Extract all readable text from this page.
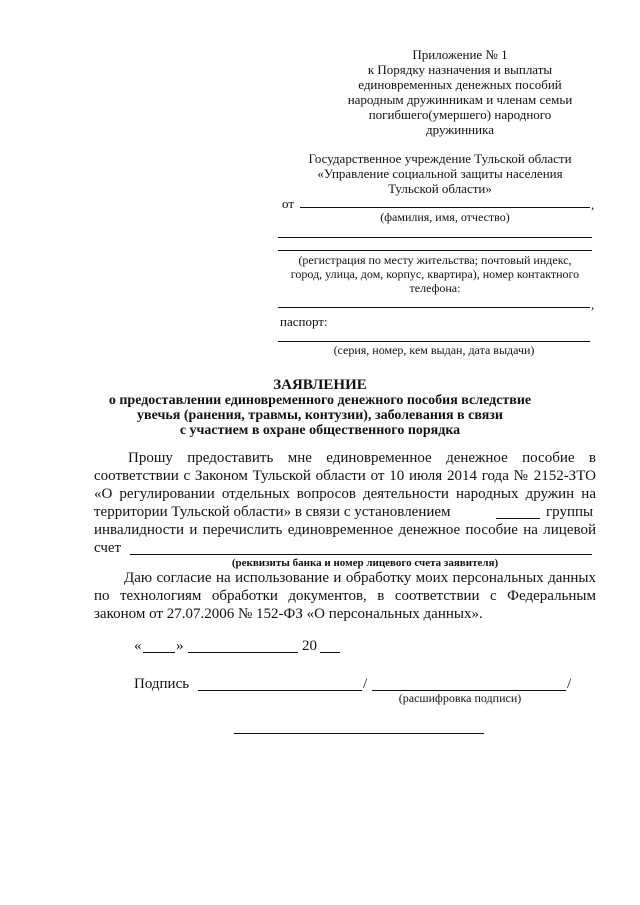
Приложение № 1
к Порядку назначения и выплаты
единовременных денежных пособий
народным дружинникам и членам семьи
погибшего(умершего) народного
дружинника
Государственное учреждение Тульской области
«Управление социальной защиты населения
Тульской области»
от	,
(фамилия, имя, отчество)
(регистрация по месту жительства; почтовый индекс,
город, улица, дом, корпус, квартира), номер контактного
телефона:
,
паспорт:
(серия, номер, кем выдан, дата выдачи)
ЗАЯВЛЕНИЕ
о предоставлении единовременного денежного пособия вследствие
увечья (ранения, травмы, контузии), заболевания в связи
с участием в охране общественного порядка
Прошу предоставить мне единовременное денежное пособие в
соответствии с Законом Тульской области от 10 июля 2014 года № 2152-ЗТО
«О регулировании отдельных вопросов деятельности народных дружин на
территории Тульской области» в связи с установлением	группы
инвалидности и перечислить единовременное денежное пособие на лицевой
счет
(реквизиты банка и номер лицевого счета заявителя)
Даю согласие на использование и обработку моих персональных данных по технологиям обработки документов, в соответствии с Федеральным законом от 27.07.2006 № 152-ФЗ «О персональных данных».
« »	20
Подпись	/	/
(расшифровка подписи)
